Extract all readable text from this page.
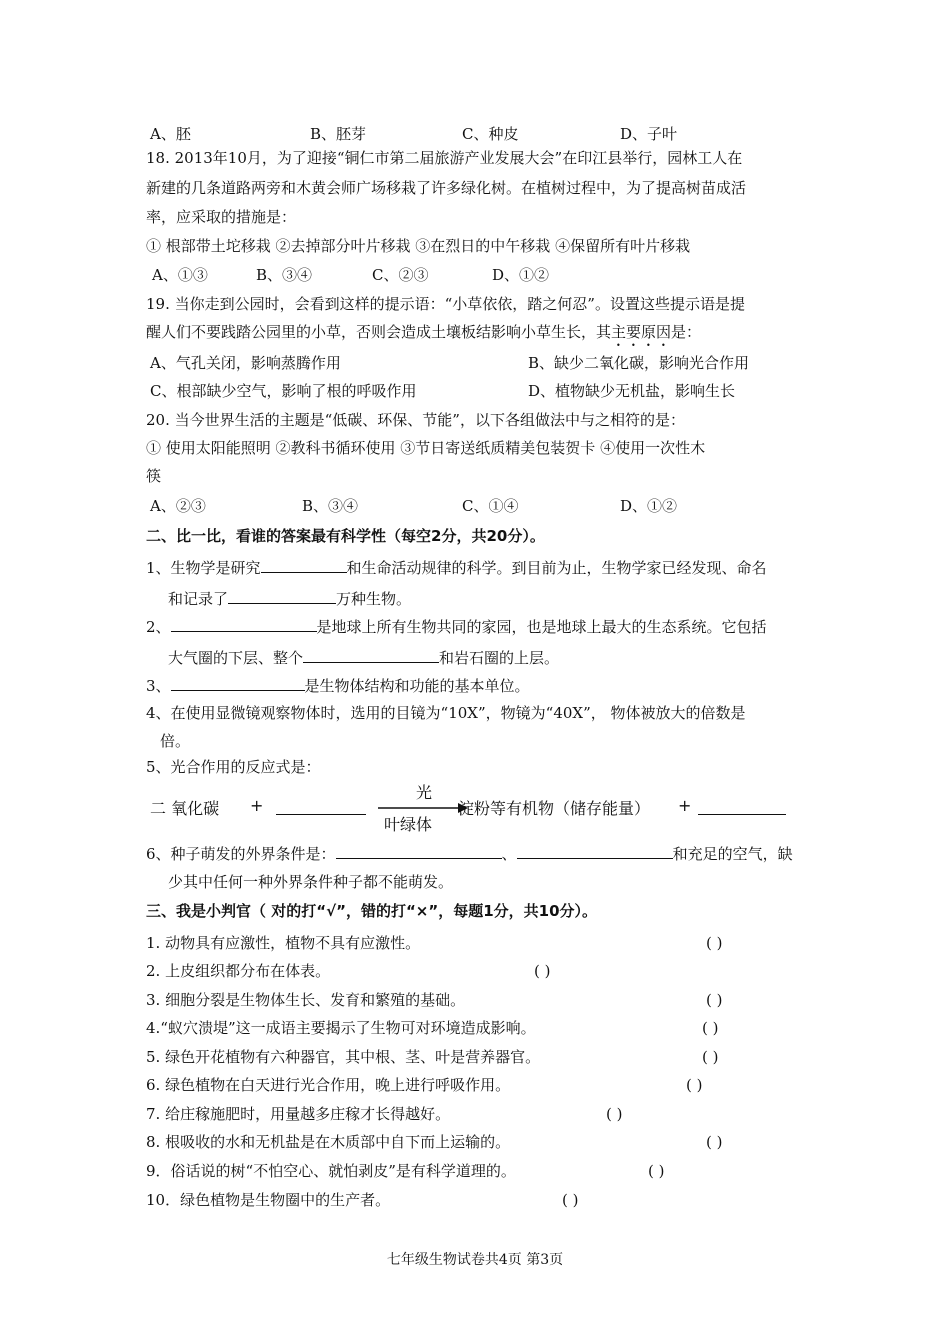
A、胚	B、胚芽	C、种皮	D、子叶
18. 2013年10月，为了迎接“铜仁市第二届旅游产业发展大会”在印江县举行，园林工人在
新建的几条道路两旁和木黄会师广场移栽了许多绿化树。在植树过程中，为了提高树苗成活
率，应采取的措施是：
① 根部带土坨移栽 ②去掉部分叶片移栽 ③在烈日的中午移栽 ④保留所有叶片移栽
A、①③	B、③④	C、②③	D、①②
19. 当你走到公园时，会看到这样的提示语：“小草依依，踏之何忍”。设置这些提示语是提
醒人们不要践踏公园里的小草，否则会造成土壤板结影响小草生长，其主要原因是：
A、气孔关闭，影响蒸腾作用	B、缺少二氧化碳，影响光合作用
C、根部缺少空气，影响了根的呼吸作用	D、植物缺少无机盐，影响生长
20. 当今世界生活的主题是“低碳、环保、节能”，以下各组做法中与之相符的是：
① 使用太阳能照明 ②教科书循环使用 ③节日寄送纸质精美包装贺卡 ④使用一次性木
筷
A、②③	B、③④	C、①④	D、①②
二、比一比，看谁的答案最有科学性（每空2分，共20分）。
1、生物学是研究	和生命活动规律的科学。到目前为止，生物学家已经发现、命名
和记录了	万种生物。
2、	是地球上所有生物共同的家园，也是地球上最大的生态系统。它包括
大气圈的下层、整个	和岩石圈的上层。
3、	是生物体结构和功能的基本单位。
4、在使用显微镜观察物体时，选用的目镜为“10X”，物镜为“40X”， 物体被放大的倍数是
倍。
5、光合作用的反应式是：
二 氧化碳 +
光
叶绿体
淀粉等有机物（储存能量） +
6、种子萌发的外界条件是：	、	和充足的空气，缺
少其中任何一种外界条件种子都不能萌发。
三、我是小判官（ 对的打“√”，错的打“×”，每题1分，共10分）。
1. 动物具有应激性，植物不具有应激性。	( )
2. 上皮组织都分布在体表。	( )
3. 细胞分裂是生物体生长、发育和繁殖的基础。	( )
4.“蚁穴溃堤”这一成语主要揭示了生物可对环境造成影响。	( )
5. 绿色开花植物有六种器官，其中根、茎、叶是营养器官。	( )
6. 绿色植物在白天进行光合作用，晚上进行呼吸作用。	( )
7. 给庄稼施肥时，用量越多庄稼才长得越好。	( )
8. 根吸收的水和无机盐是在木质部中自下而上运输的。	( )
9．俗话说的树“不怕空心、就怕剥皮”是有科学道理的。	( )
10．绿色植物是生物圈中的生产者。	( )
七年级生物试卷共4页 第3页
